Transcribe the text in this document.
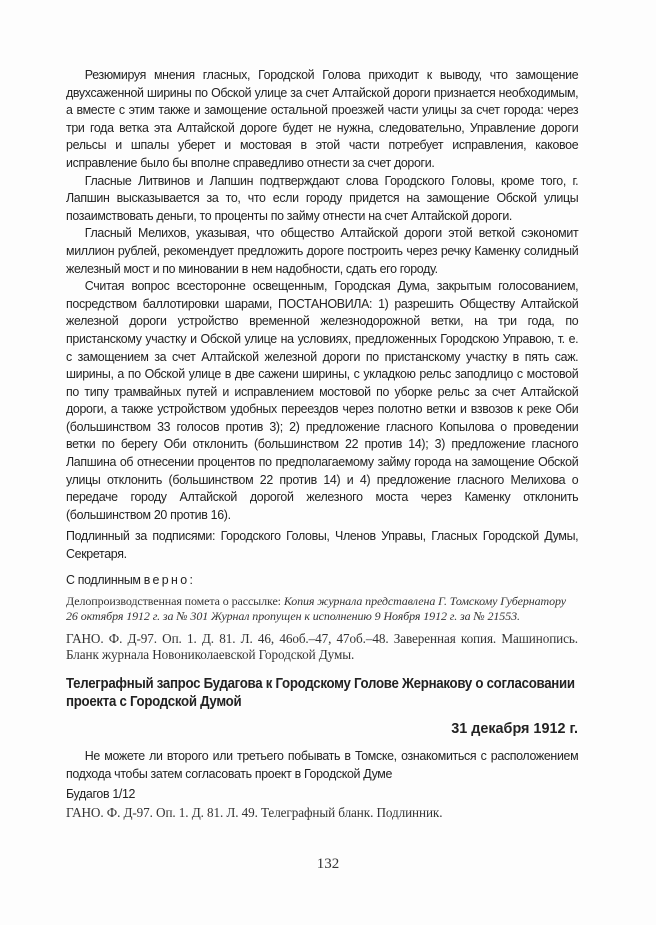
Резюмируя мнения гласных, Городской Голова приходит к выводу, что замощение двухсаженной ширины по Обской улице за счет Алтайской дороги признается необходимым, а вместе с этим также и замощение остальной проезжей части улицы за счет города: через три года ветка эта Алтайской дороге будет не нужна, следовательно, Управление дороги рельсы и шпалы уберет и мостовая в этой части потребует исправления, каковое исправление было бы вполне справедливо отнести за счет дороги.

Гласные Литвинов и Лапшин подтверждают слова Городского Головы, кроме того, г. Лапшин высказывается за то, что если городу придется на замощение Обской улицы позаимствовать деньги, то проценты по займу отнести на счет Алтайской дороги.

Гласный Мелихов, указывая, что общество Алтайской дороги этой веткой сэкономит миллион рублей, рекомендует предложить дороге построить через речку Каменку солидный железный мост и по миновании в нем надобности, сдать его городу.

Считая вопрос всесторонне освещенным, Городская Дума, закрытым голосованием, посредством баллотировки шарами, ПОСТАНОВИЛА: 1) разрешить Обществу Алтайской железной дороги устройство временной железнодорожной ветки, на три года, по пристанскому участку и Обской улице на условиях, предложенных Городскою Управою, т. е. с замощением за счет Алтайской железной дороги по пристанскому участку в пять саж. ширины, а по Обской улице в две сажени ширины, с укладкою рельс заподлицо с мостовой по типу трамвайных путей и исправлением мостовой по уборке рельс за счет Алтайской дороги, а также устройством удобных переездов через полотно ветки и взвозов к реке Оби (большинством 33 голосов против 3); 2) предложение гласного Копылова о проведении ветки по берегу Оби отклонить (большинством 22 против 14); 3) предложение гласного Лапшина об отнесении процентов по предполагаемому займу города на замощение Обской улицы отклонить (большинством 22 против 14) и 4) предложение гласного Мелихова о передаче городу Алтайской дорогой железного моста через Каменку отклонить (большинством 20 против 16).

Подлинный за подписями: Городского Головы, Членов Управы, Гласных Городской Думы, Секретаря.

С подлинным верно:

Делопроизводственная помета о рассылке: Копия журнала представлена Г. Томскому Губернатору 26 октября 1912 г. за № 301 Журнал пропущен к исполнению 9 Ноября 1912 г. за № 21553.

ГАНО. Ф. Д-97. Оп. 1. Д. 81. Л. 46, 46об.–47, 47об.–48. Заверенная копия. Машинопись. Бланк журнала Новониколаевской Городской Думы.

Телеграфный запрос Будагова к Городскому Голове Жернакову о согласовании проекта с Городской Думой
31 декабря 1912 г.

Не можете ли второго или третьего побывать в Томске, ознакомиться с расположением подхода чтобы затем согласовать проект в Городской Думе

Будагов 1/12

ГАНО. Ф. Д-97. Оп. 1. Д. 81. Л. 49. Телеграфный бланк. Подлинник.

132
